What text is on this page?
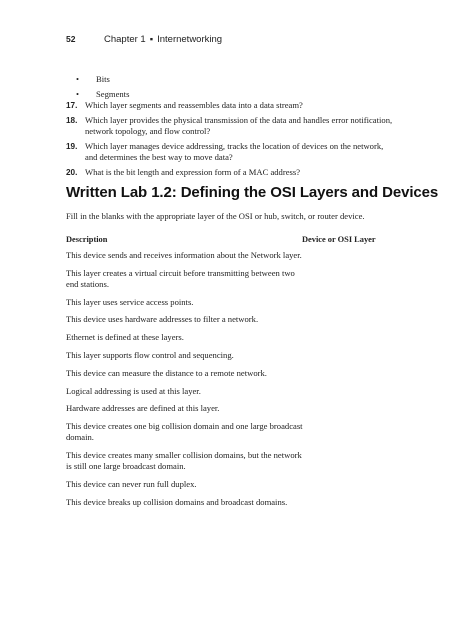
52	Chapter 1 ▪ Internetworking
•	Bits
•	Segments
17. Which layer segments and reassembles data into a data stream?
18. Which layer provides the physical transmission of the data and handles error notification, network topology, and flow control?
19. Which layer manages device addressing, tracks the location of devices on the network, and determines the best way to move data?
20. What is the bit length and expression form of a MAC address?
Written Lab 1.2: Defining the OSI Layers and Devices
Fill in the blanks with the appropriate layer of the OSI or hub, switch, or router device.
Description	Device or OSI Layer
This device sends and receives information about the Network layer.
This layer creates a virtual circuit before transmitting between two end stations.
This layer uses service access points.
This device uses hardware addresses to filter a network.
Ethernet is defined at these layers.
This layer supports flow control and sequencing.
This device can measure the distance to a remote network.
Logical addressing is used at this layer.
Hardware addresses are defined at this layer.
This device creates one big collision domain and one large broadcast domain.
This device creates many smaller collision domains, but the network is still one large broadcast domain.
This device can never run full duplex.
This device breaks up collision domains and broadcast domains.
